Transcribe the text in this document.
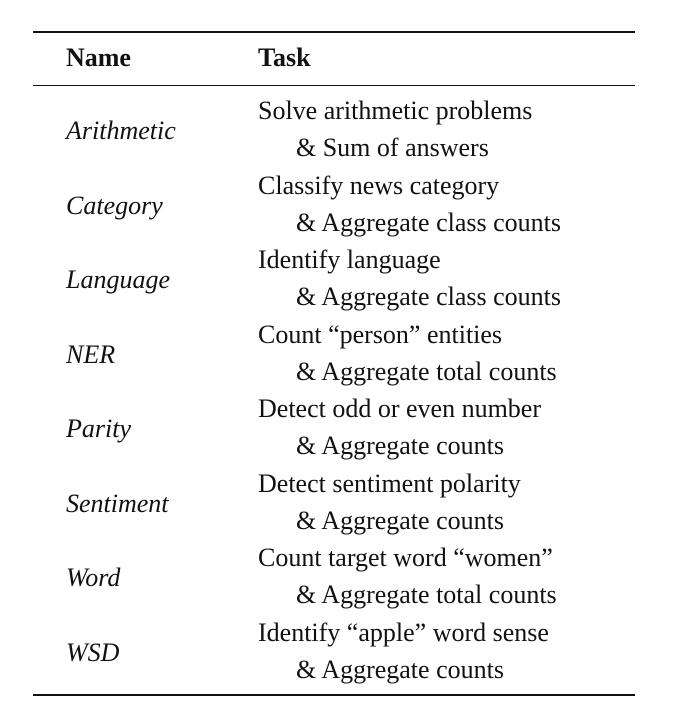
Name	Task
Arithmetic
Solve arithmetic problems
& Sum of answers
Category
Classify news category
& Aggregate class counts
Language
Identify language
& Aggregate class counts
NER
Count “person” entities
& Aggregate total counts
Parity
Detect odd or even number
& Aggregate counts
Sentiment
Detect sentiment polarity
& Aggregate counts
Word
Count target word “women”
& Aggregate total counts
WSD
Identify “apple” word sense
& Aggregate counts
